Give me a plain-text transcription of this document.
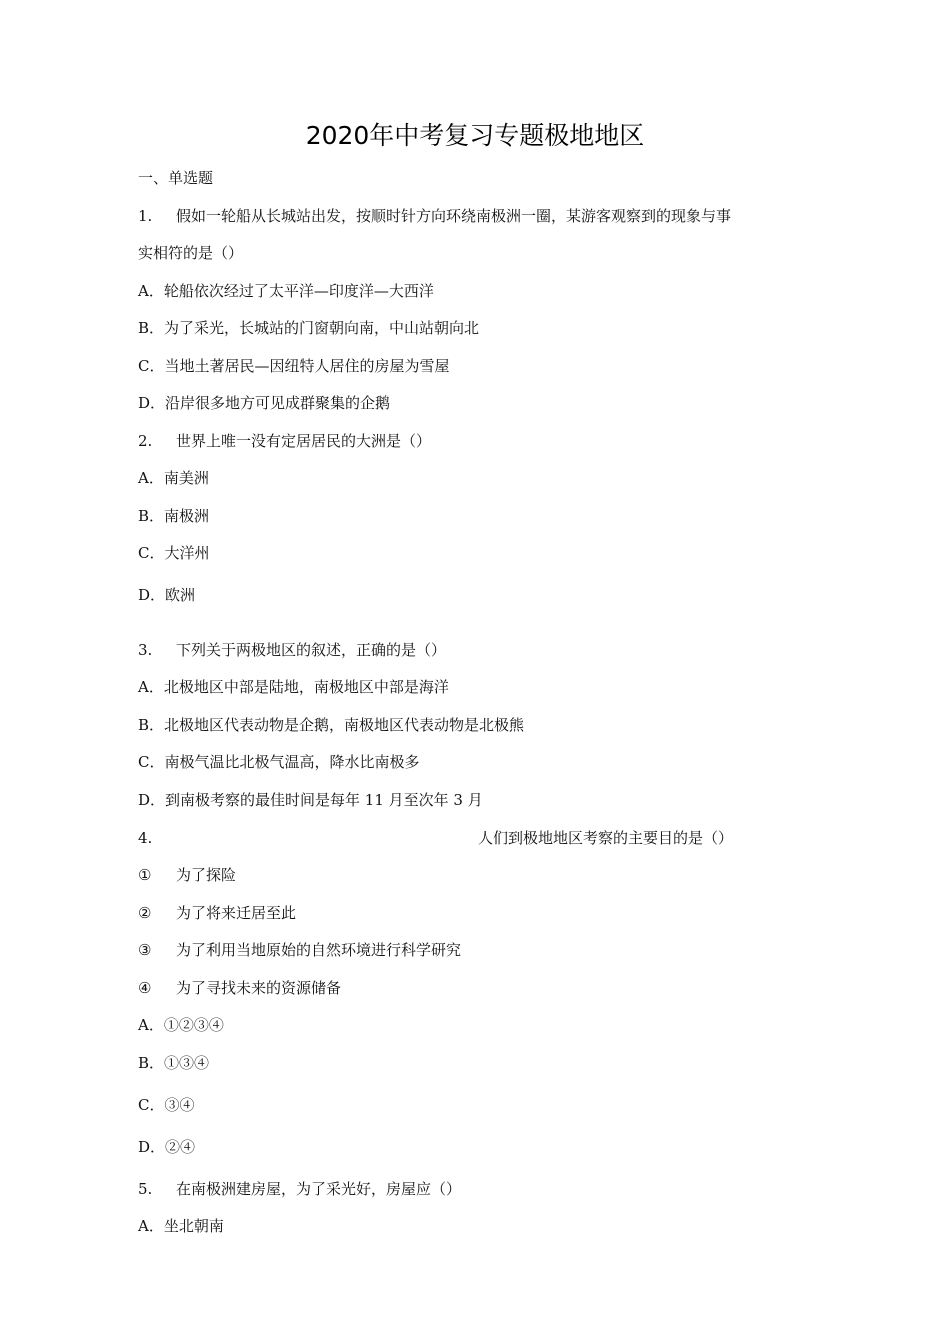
2020年中考复习专题极地地区
一、单选题
1.	假如一轮船从长城站出发，按顺时针方向环绕南极洲一圈，某游客观察到的现象与事
实相符的是（）
A．轮船依次经过了太平洋—印度洋—大西洋
B．为了采光，长城站的门窗朝向南，中山站朝向北
C．当地土著居民—因纽特人居住的房屋为雪屋
D．沿岸很多地方可见成群聚集的企鹅
2.	世界上唯一没有定居居民的大洲是（）
A．南美洲
B．南极洲
C．大洋州
D．欧洲
3.	下列关于两极地区的叙述，正确的是（）
A．北极地区中部是陆地，南极地区中部是海洋
B．北极地区代表动物是企鹅，南极地区代表动物是北极熊
C．南极气温比北极气温高，降水比南极多
D．到南极考察的最佳时间是每年 11 月至次年 3 月
4.	人们到极地地区考察的主要目的是（）
①	为了探险
②	为了将来迁居至此
③	为了利用当地原始的自然环境进行科学研究
④	为了寻找未来的资源储备
A．①②③④
B．①③④
C．③④
D．②④
5.	在南极洲建房屋，为了采光好，房屋应（）
A．坐北朝南
